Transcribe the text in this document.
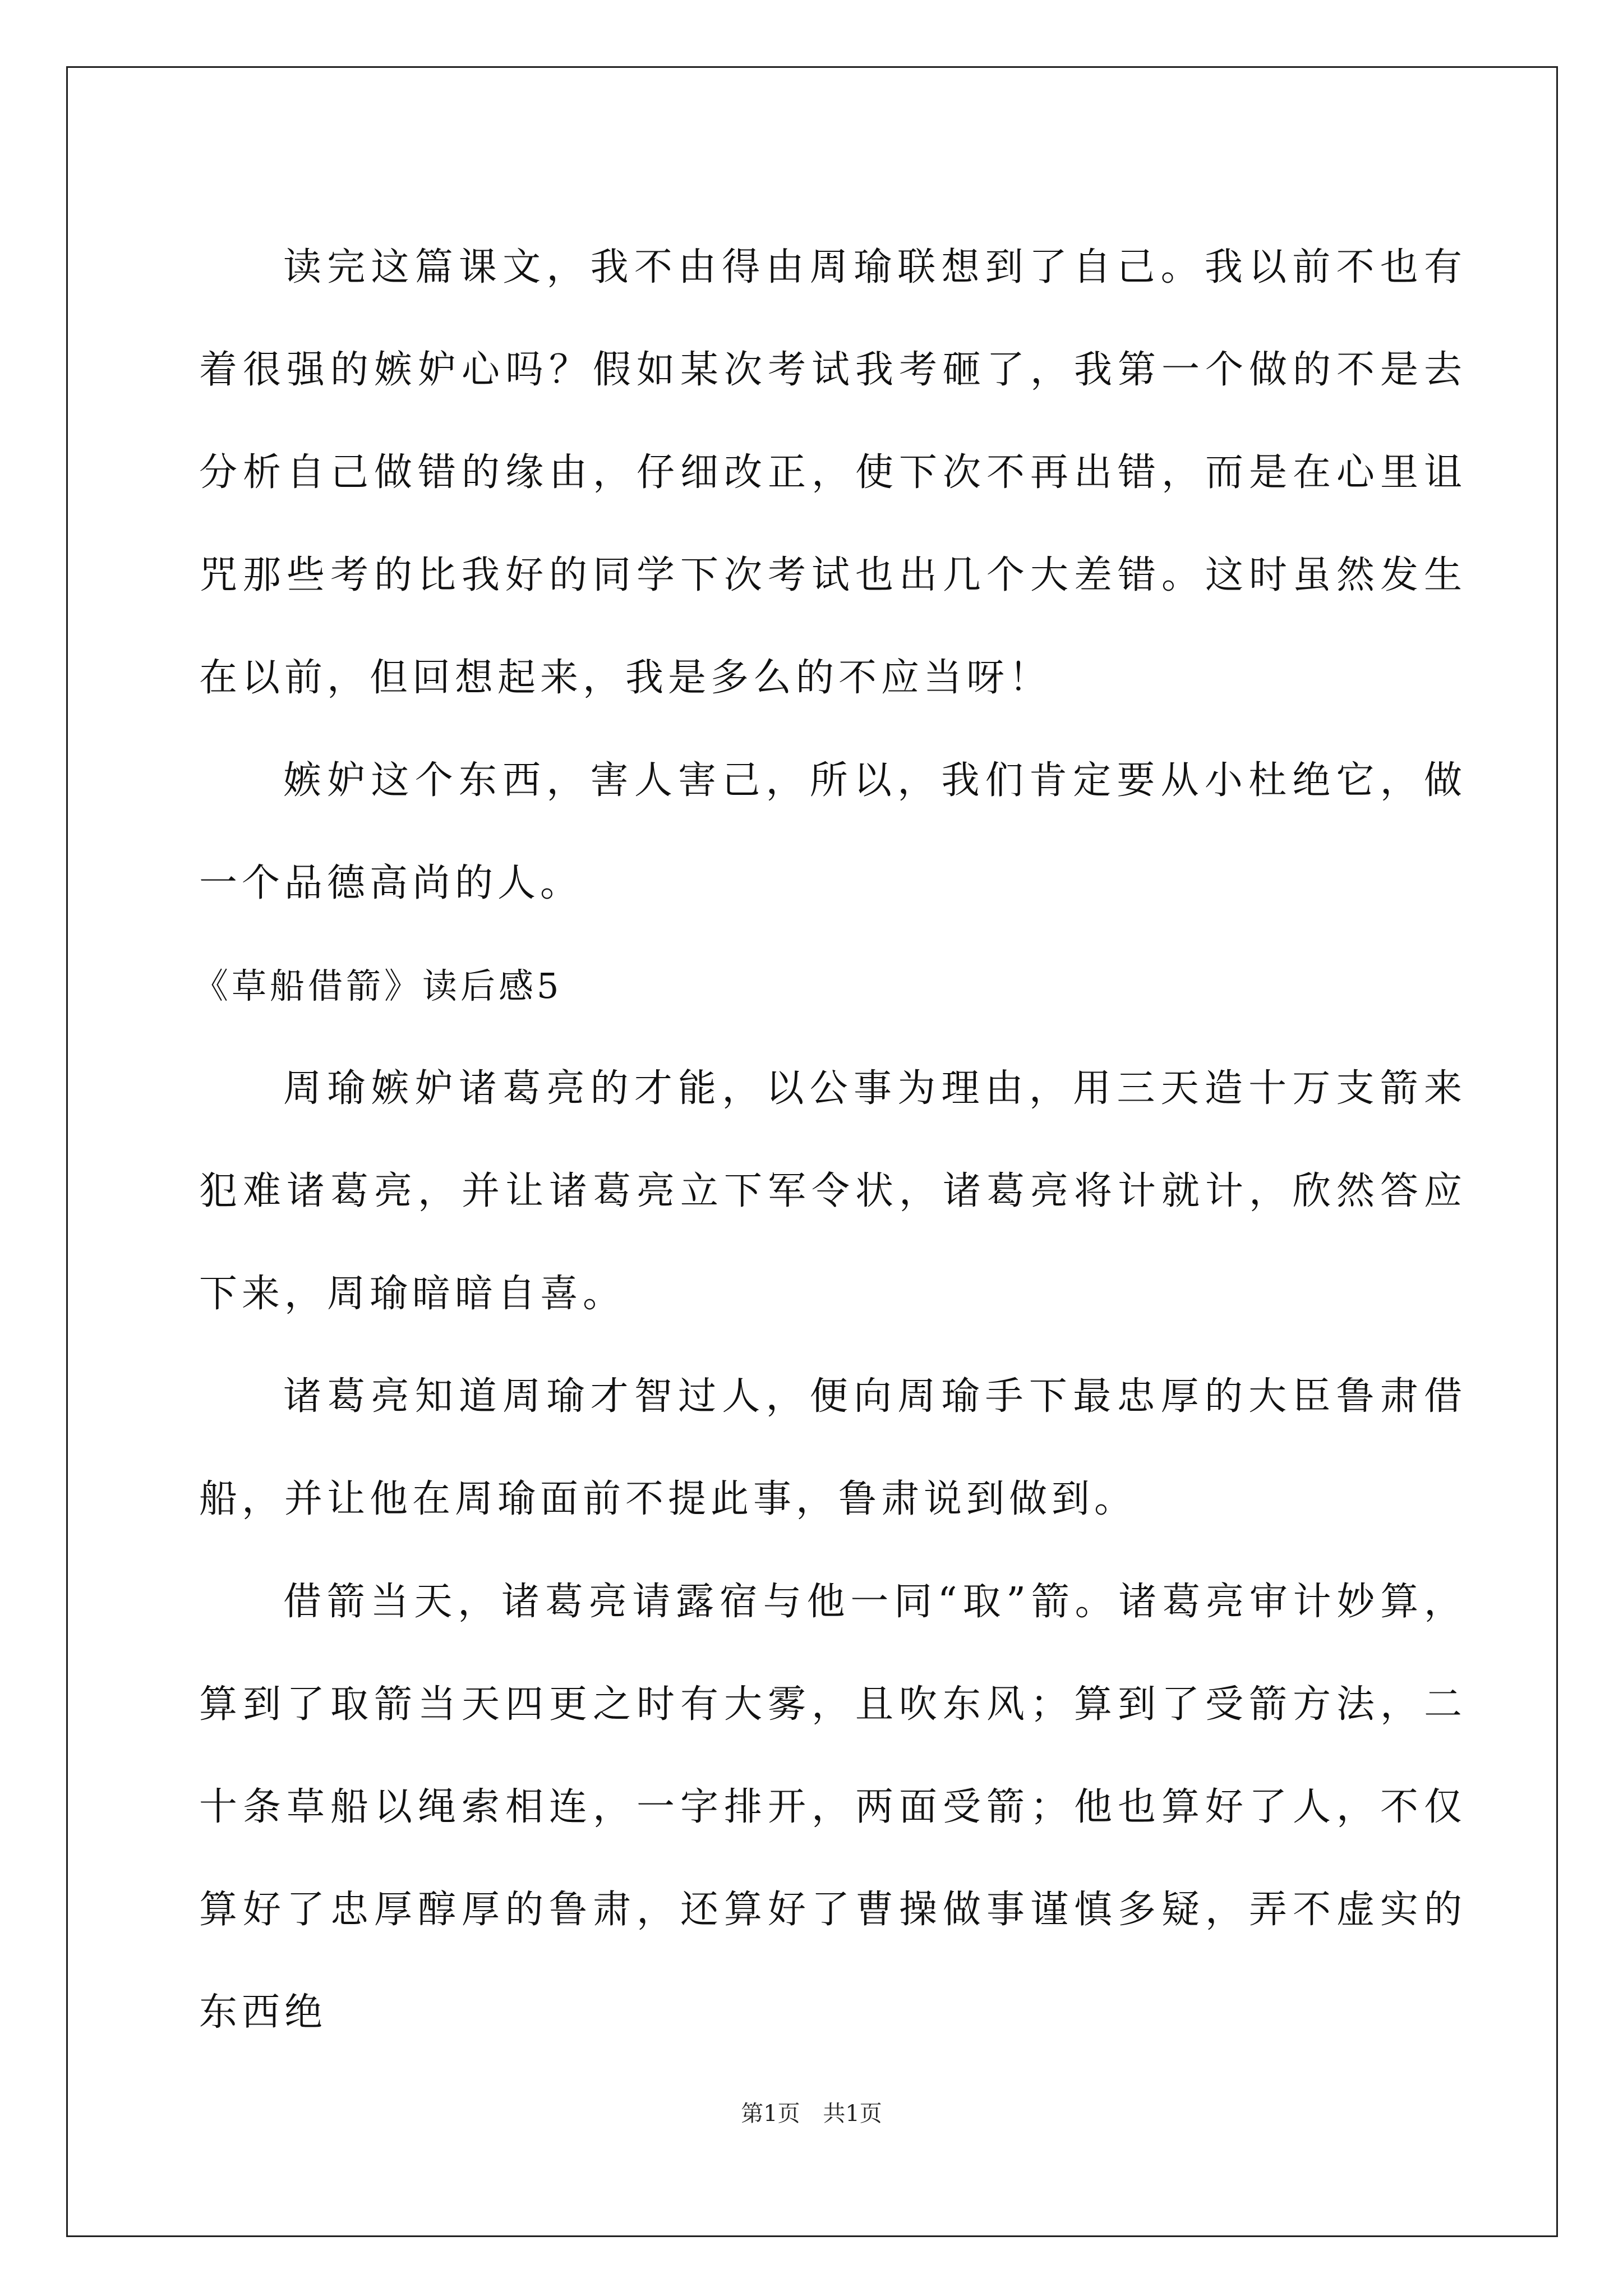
读完这篇课文，我不由得由周瑜联想到了自己。我以前不也有着很强的嫉妒心吗？假如某次考试我考砸了，我第一个做的不是去分析自己做错的缘由，仔细改正，使下次不再出错，而是在心里诅咒那些考的比我好的同学下次考试也出几个大差错。这时虽然发生在以前，但回想起来，我是多么的不应当呀！

嫉妒这个东西，害人害己，所以，我们肯定要从小杜绝它，做一个品德高尚的人。

《草船借箭》读后感5

周瑜嫉妒诸葛亮的才能，以公事为理由，用三天造十万支箭来犯难诸葛亮，并让诸葛亮立下军令状，诸葛亮将计就计，欣然答应下来，周瑜暗暗自喜。

诸葛亮知道周瑜才智过人，便向周瑜手下最忠厚的大臣鲁肃借船，并让他在周瑜面前不提此事，鲁肃说到做到。

借箭当天，诸葛亮请露宿与他一同“取”箭。诸葛亮审计妙算，算到了取箭当天四更之时有大雾，且吹东风；算到了受箭方法，二十条草船以绳索相连，一字排开，两面受箭；他也算好了人，不仅算好了忠厚醇厚的鲁肃，还算好了曹操做事谨慎多疑，弄不虚实的东西绝

第1页 共1页
